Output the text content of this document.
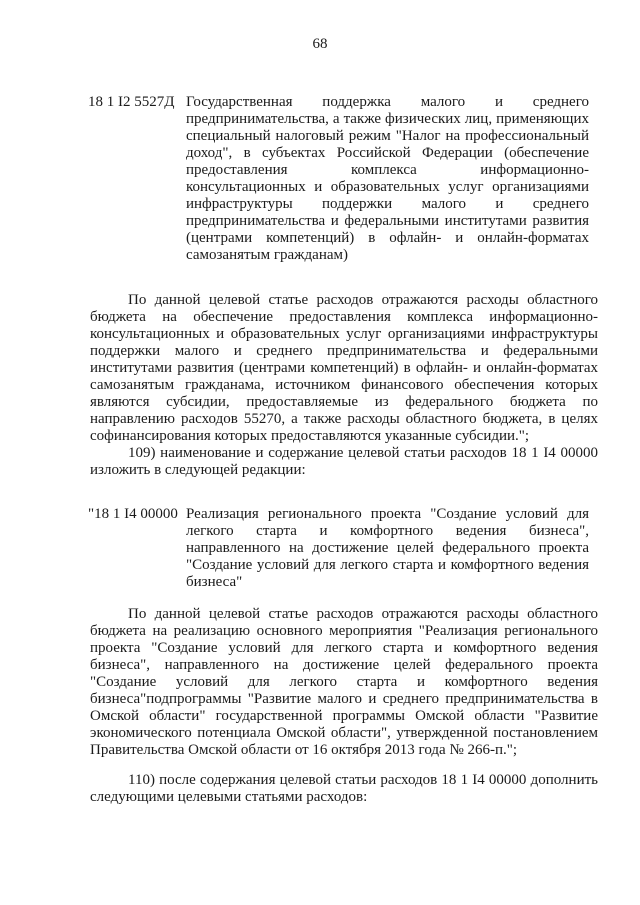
68
18 1 I2 5527Д Государственная поддержка малого и среднего предпринимательства, а также физических лиц, применяющих специальный налоговый режим "Налог на профессиональный доход", в субъектах Российской Федерации (обеспечение предоставления комплекса информационно-консультационных и образовательных услуг организациями инфраструктуры поддержки малого и среднего предпринимательства и федеральными институтами развития (центрами компетенций) в офлайн- и онлайн-форматах самозанятым гражданам)
По данной целевой статье расходов отражаются расходы областного бюджета на обеспечение предоставления комплекса информационно-консультационных и образовательных услуг организациями инфраструктуры поддержки малого и среднего предпринимательства и федеральными институтами развития (центрами компетенций) в офлайн- и онлайн-форматах самозанятым гражданама, источником финансового обеспечения которых являются субсидии, предоставляемые из федерального бюджета по направлению расходов 55270, а также расходы областного бюджета, в целях софинансирования которых предоставляются указанные субсидии.";
109) наименование и содержание целевой статьи расходов 18 1 I4 00000 изложить в следующей редакции:
"18 1 I4 00000 Реализация регионального проекта "Создание условий для легкого старта и комфортного ведения бизнеса", направленного на достижение целей федерального проекта "Создание условий для легкого старта и комфортного ведения бизнеса"
По данной целевой статье расходов отражаются расходы областного бюджета на реализацию основного мероприятия "Реализация регионального проекта "Создание условий для легкого старта и комфортного ведения бизнеса", направленного на достижение целей федерального проекта "Создание условий для легкого старта и комфортного ведения бизнеса"подпрограммы "Развитие малого и среднего предпринимательства в Омской области" государственной программы Омской области "Развитие экономического потенциала Омской области", утвержденной постановлением Правительства Омской области от 16 октября 2013 года № 266-п.";
110) после содержания целевой статьи расходов 18 1 I4 00000 дополнить следующими целевыми статьями расходов:
